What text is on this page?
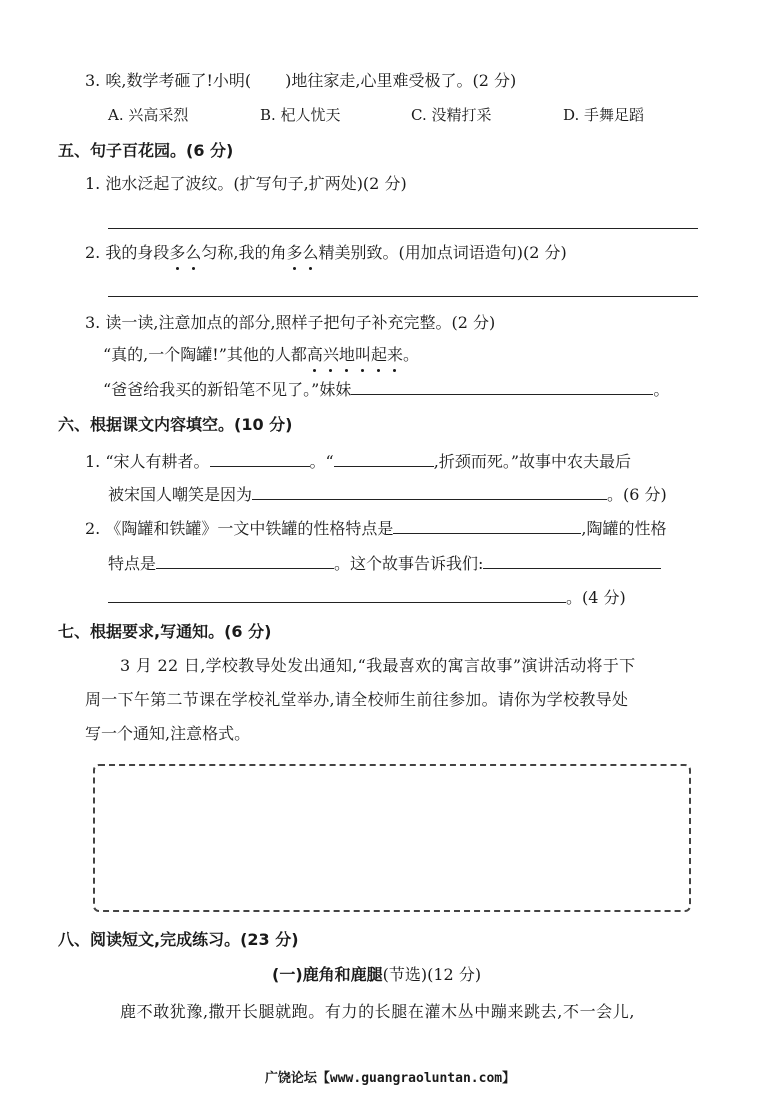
3. 唉,数学考砸了!小明( )地往家走,心里难受极了。(2 分)
A. 兴高采烈	B. 杞人忧天	C. 没精打采	D. 手舞足蹈
五、句子百花园。(6 分)
1. 池水泛起了波纹。(扩写句子,扩两处)(2 分)
2. 我的身段多么匀称,我的角多么精美别致。(用加点词语造句)(2 分)
3. 读一读,注意加点的部分,照样子把句子补充完整。(2 分)
“真的,一个陶罐!”其他的人都高兴地叫起来。
“爸爸给我买的新铅笔不见了。”妹妹	。
六、根据课文内容填空。(10 分)
1. “宋人有耕者。	。“	,折颈而死。”故事中农夫最后
被宋国人嘲笑是因为	。(6 分)
2. 《陶罐和铁罐》一文中铁罐的性格特点是	,陶罐的性格
特点是	。这个故事告诉我们:
。(4 分)
七、根据要求,写通知。(6 分)
3 月 22 日,学校教导处发出通知,“我最喜欢的寓言故事”演讲活动将于下
周一下午第二节课在学校礼堂举办,请全校师生前往参加。请你为学校教导处
写一个通知,注意格式。
八、阅读短文,完成练习。(23 分)
(一)鹿角和鹿腿(节选)(12 分)
鹿不敢犹豫,撒开长腿就跑。有力的长腿在灌木丛中蹦来跳去,不一会儿,
广饶论坛【www.guangraoluntan.com】
